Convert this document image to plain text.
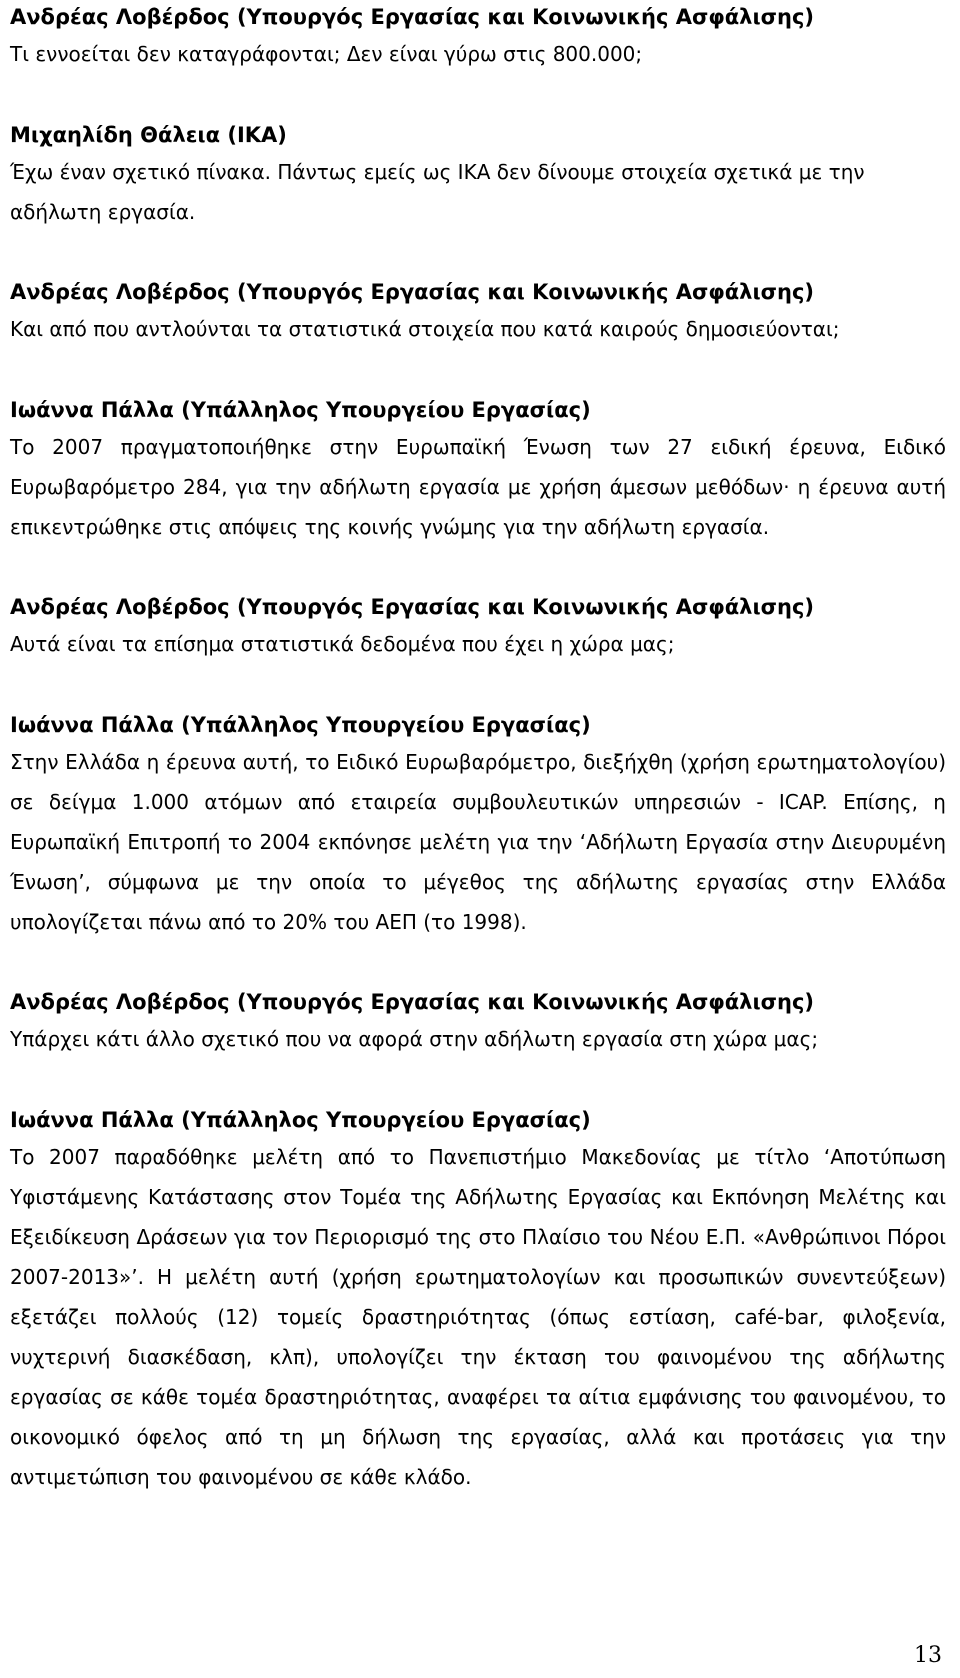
Ανδρέας Λοβέρδος (Υπουργός Εργασίας και Κοινωνικής Ασφάλισης)

Τι εννοείται δεν καταγράφονται; Δεν είναι γύρω στις 800.000;

Μιχαηλίδη Θάλεια (ΙΚΑ)

Έχω έναν σχετικό πίνακα. Πάντως εμείς ως ΙΚΑ δεν δίνουμε στοιχεία σχετικά με την αδήλωτη εργασία.

Ανδρέας Λοβέρδος (Υπουργός Εργασίας και Κοινωνικής Ασφάλισης)

Και από που αντλούνται τα στατιστικά στοιχεία που κατά καιρούς δημοσιεύονται;

Ιωάννα Πάλλα (Υπάλληλος Υπουργείου Εργασίας)

Το 2007 πραγματοποιήθηκε στην Ευρωπαϊκή Ένωση των 27 ειδική έρευνα, Ειδικό Ευρωβαρόμετρο 284, για την αδήλωτη εργασία με χρήση άμεσων μεθόδων· η έρευνα αυτή επικεντρώθηκε στις απόψεις της κοινής γνώμης για την αδήλωτη εργασία.

Ανδρέας Λοβέρδος (Υπουργός Εργασίας και Κοινωνικής Ασφάλισης)

Αυτά είναι τα επίσημα στατιστικά δεδομένα που έχει η χώρα μας;

Ιωάννα Πάλλα (Υπάλληλος Υπουργείου Εργασίας)

Στην Ελλάδα η έρευνα αυτή, το Ειδικό Ευρωβαρόμετρο, διεξήχθη (χρήση ερωτηματολογίου) σε δείγμα 1.000 ατόμων από εταιρεία συμβουλευτικών υπηρεσιών - ICAP. Επίσης, η Ευρωπαϊκή Επιτροπή το 2004 εκπόνησε μελέτη για την ‘Αδήλωτη Εργασία στην Διευρυμένη Ένωση’, σύμφωνα με την οποία το μέγεθος της αδήλωτης εργασίας στην Ελλάδα υπολογίζεται πάνω από το 20% του ΑΕΠ (το 1998).

Ανδρέας Λοβέρδος (Υπουργός Εργασίας και Κοινωνικής Ασφάλισης)

Υπάρχει κάτι άλλο σχετικό που να αφορά στην αδήλωτη εργασία στη χώρα μας;

Ιωάννα Πάλλα (Υπάλληλος Υπουργείου Εργασίας)

Το 2007 παραδόθηκε μελέτη από το Πανεπιστήμιο Μακεδονίας με τίτλο ‘Αποτύπωση Υφιστάμενης Κατάστασης στον Τομέα της Αδήλωτης Εργασίας και Εκπόνηση Μελέτης και Εξειδίκευση Δράσεων για τον Περιορισμό της στο Πλαίσιο του Νέου Ε.Π. «Ανθρώπινοι Πόροι 2007-2013»’. Η μελέτη αυτή (χρήση ερωτηματολογίων και προσωπικών συνεντεύξεων) εξετάζει πολλούς (12) τομείς δραστηριότητας (όπως εστίαση, café-bar, φιλοξενία, νυχτερινή διασκέδαση, κλπ), υπολογίζει την έκταση του φαινομένου της αδήλωτης εργασίας σε κάθε τομέα δραστηριότητας, αναφέρει τα αίτια εμφάνισης του φαινομένου, το οικονομικό όφελος από τη μη δήλωση της εργασίας, αλλά και προτάσεις για την αντιμετώπιση του φαινομένου σε κάθε κλάδο.

13
